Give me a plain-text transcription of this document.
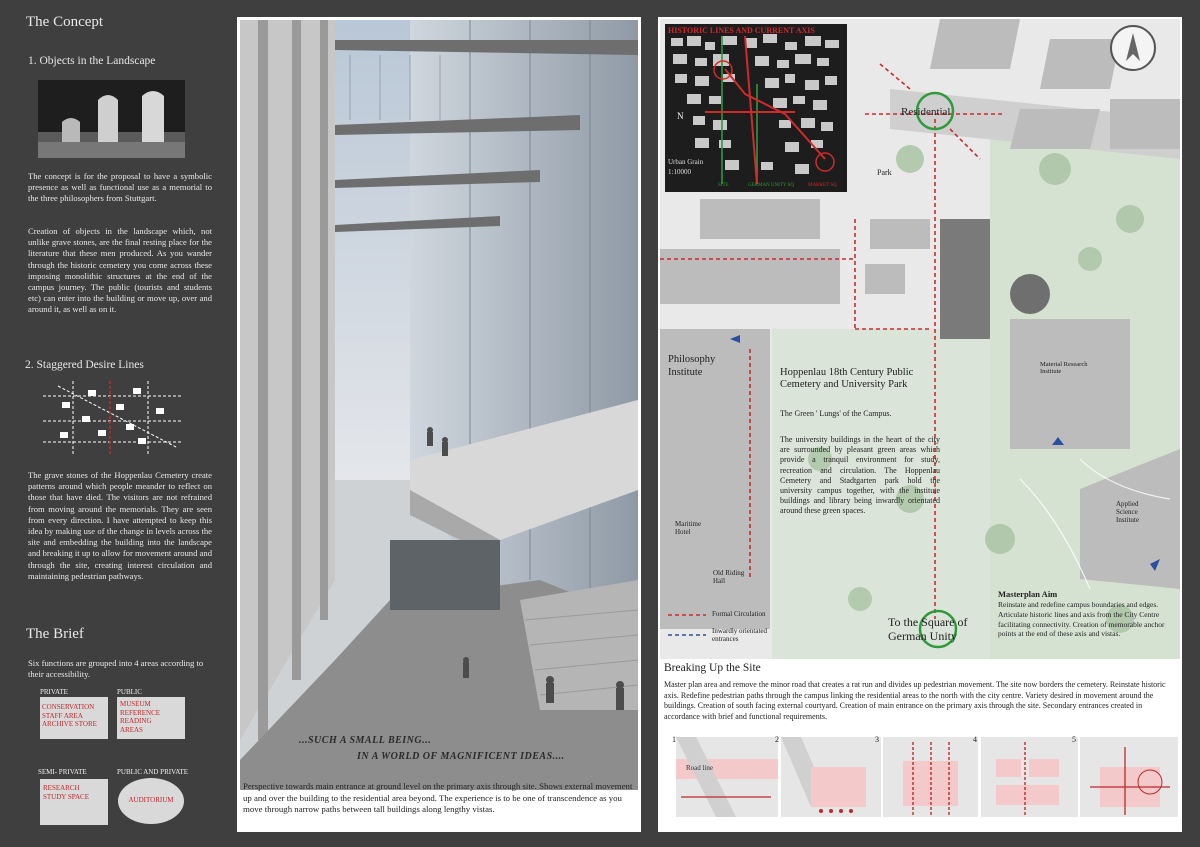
The Concept
1. Objects in the Landscape
The concept is for the proposal to have a symbolic presence as well as functional use as a memorial to the three philosophers from Stuttgart.
Creation of objects in the landscape which, not unlike grave stones, are the final resting place for the literature that these men produced. As you wander through the historic cemetery you come across these imposing monolithic structures at the end of the campus journey. The public (tourists and students etc) can enter into the building or move up, over and around it, as well as on it.
2. Staggered Desire Lines
The grave stones of the Hoppenlau Cemetery create patterns around which people meander to reflect on those that have died. The visitors are not refrained from moving around the memorials. They are seen from every direction. I have attempted to keep this idea by making use of the change in levels across the site and embedding the building into the landscape and breaking it up to allow for movement around and through the site, creating interest circulation and maintaining pedestrian pathways.
The Brief
Six functions are grouped into 4 areas according to their accessibility.
PRIVATE
CONSERVATION STAFF AREA ARCHIVE STORE
PUBLIC
MUSEUM REFERENCE READING AREAS
SEMI- PRIVATE
RESEARCH STUDY SPACE
PUBLIC AND PRIVATE
AUDITORIUM
...SUCH A SMALL BEING...
IN A WORLD OF MAGNIFICENT IDEAS....
Perspective towards main entrance at ground level on the primary axis through site. Shows external movement up and over the building to the residential area beyond. The experience is to be one of transcendence as you move through narrow paths between tall buildings along lengthy vistas.
HISTORIC LINES AND CURRENT AXIS
N
Urban Grain
1:10000
SITE	GERMAN UNITY SQ	MARKET SQ
Residential
Park
Philosophy Institute	Hoppenlau 18th Century Public Cemetery and University Park
The Green ' Lungs' of the Campus.
The university buildings in the heart of the city are surrounded by pleasant green areas which provide a tranquil environment for study, recreation and circulation. The Hoppenlau Cemetery and Stadtgarten park hold the university campus together, with the institute buildings and library being inwardly orientated around these green spaces.
Material Research Institute
Maritime Hotel
Old Riding Hall
Applied Science Institute
To the Square of German Unity
Formal Circulation
Inwardly orientated entrances
Masterplan Aim
Reinstate and redefine campus boundaries and edges. Articulate historic lines and axis from the City Centre facilitating connectivity. Creation of memorable anchor points at the end of these axis and vistas.
Breaking Up the Site
Master plan area and remove the minor road that creates a rat run and divides up pedestrian movement. The site now borders the cemetery. Reinstate historic axis. Redefine pedestrian paths through the campus linking the residential areas to the north with the city centre. Variety desired in movement around the buildings. Creation of south facing external courtyard. Creation of main entrance on the primary axis through the site. Secondary entrances created in accordance with brief and functional requirements.
Road line
1	2	3	4	5
